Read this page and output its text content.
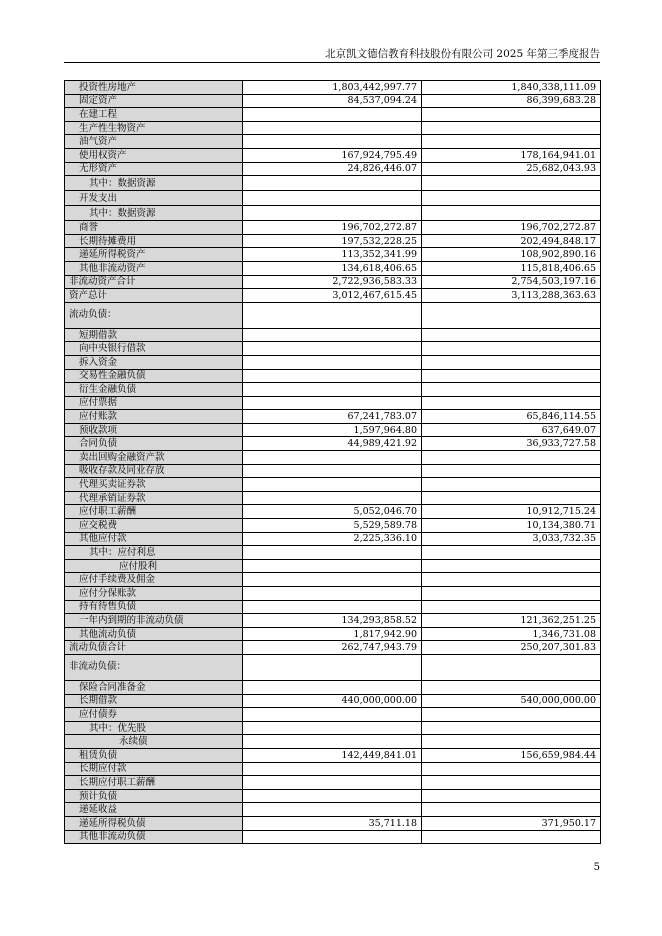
北京凯文德信教育科技股份有限公司 2025 年第三季度报告
投资性房地产	1,803,442,997.77	1,840,338,111.09
固定资产	84,537,094.24	86,399,683.28
在建工程		
生产性生物资产		
油气资产		
使用权资产	167,924,795.49	178,164,941.01
无形资产	24,826,446.07	25,682,043.93
其中：数据资源		
开发支出		
其中：数据资源		
商誉	196,702,272.87	196,702,272.87
长期待摊费用	197,532,228.25	202,494,848.17
递延所得税资产	113,352,341.99	108,902,890.16
其他非流动资产	134,618,406.65	115,818,406.65
非流动资产合计	2,722,936,583.33	2,754,503,197.16
资产总计	3,012,467,615.45	3,113,288,363.63
流动负债：		
短期借款		
向中央银行借款		
拆入资金		
交易性金融负债		
衍生金融负债		
应付票据		
应付账款	67,241,783.07	65,846,114.55
预收款项	1,597,964.80	637,649.07
合同负债	44,989,421.92	36,933,727.58
卖出回购金融资产款		
吸收存款及同业存放		
代理买卖证券款		
代理承销证券款		
应付职工薪酬	5,052,046.70	10,912,715.24
应交税费	5,529,589.78	10,134,380.71
其他应付款	2,225,336.10	3,033,732.35
其中：应付利息		
应付股利		
应付手续费及佣金		
应付分保账款		
持有待售负债		
一年内到期的非流动负债	134,293,858.52	121,362,251.25
其他流动负债	1,817,942.90	1,346,731.08
流动负债合计	262,747,943.79	250,207,301.83
非流动负债：		
保险合同准备金		
长期借款	440,000,000.00	540,000,000.00
应付债券		
其中：优先股		
永续债		
租赁负债	142,449,841.01	156,659,984.44
长期应付款		
长期应付职工薪酬		
预计负债		
递延收益		
递延所得税负债	35,711.18	371,950.17
其他非流动负债		
5
